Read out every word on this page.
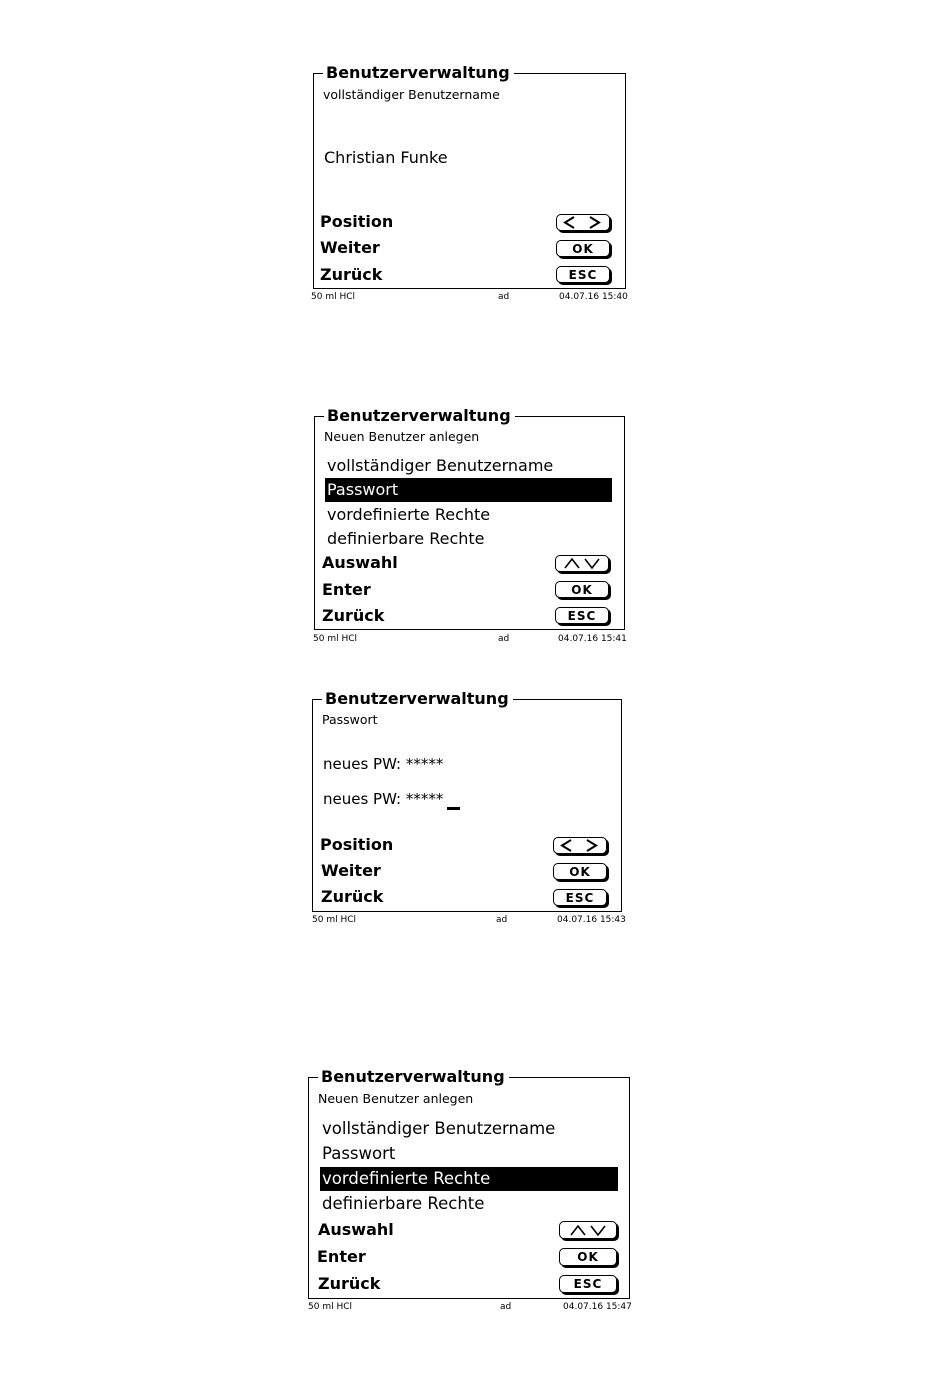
Benutzerverwaltung
vollständiger Benutzername
Christian Funke
Position
Weiter	OK
Zurück	ESC
50 ml HCl	ad	04.07.16 15:40
Benutzerverwaltung
Neuen Benutzer anlegen
vollständiger Benutzername
Passwort
vordefinierte Rechte
definierbare Rechte
Auswahl
Enter	OK
Zurück	ESC
50 ml HCl	ad	04.07.16 15:41
Benutzerverwaltung
Passwort
neues PW: *****
neues PW: *****
Position
Weiter	OK
Zurück	ESC
50 ml HCl	ad	04.07.16 15:43
Benutzerverwaltung
Neuen Benutzer anlegen
vollständiger Benutzername
Passwort
vordefinierte Rechte
definierbare Rechte
Auswahl
Enter	OK
Zurück	ESC
50 ml HCl	ad	04.07.16 15:47
